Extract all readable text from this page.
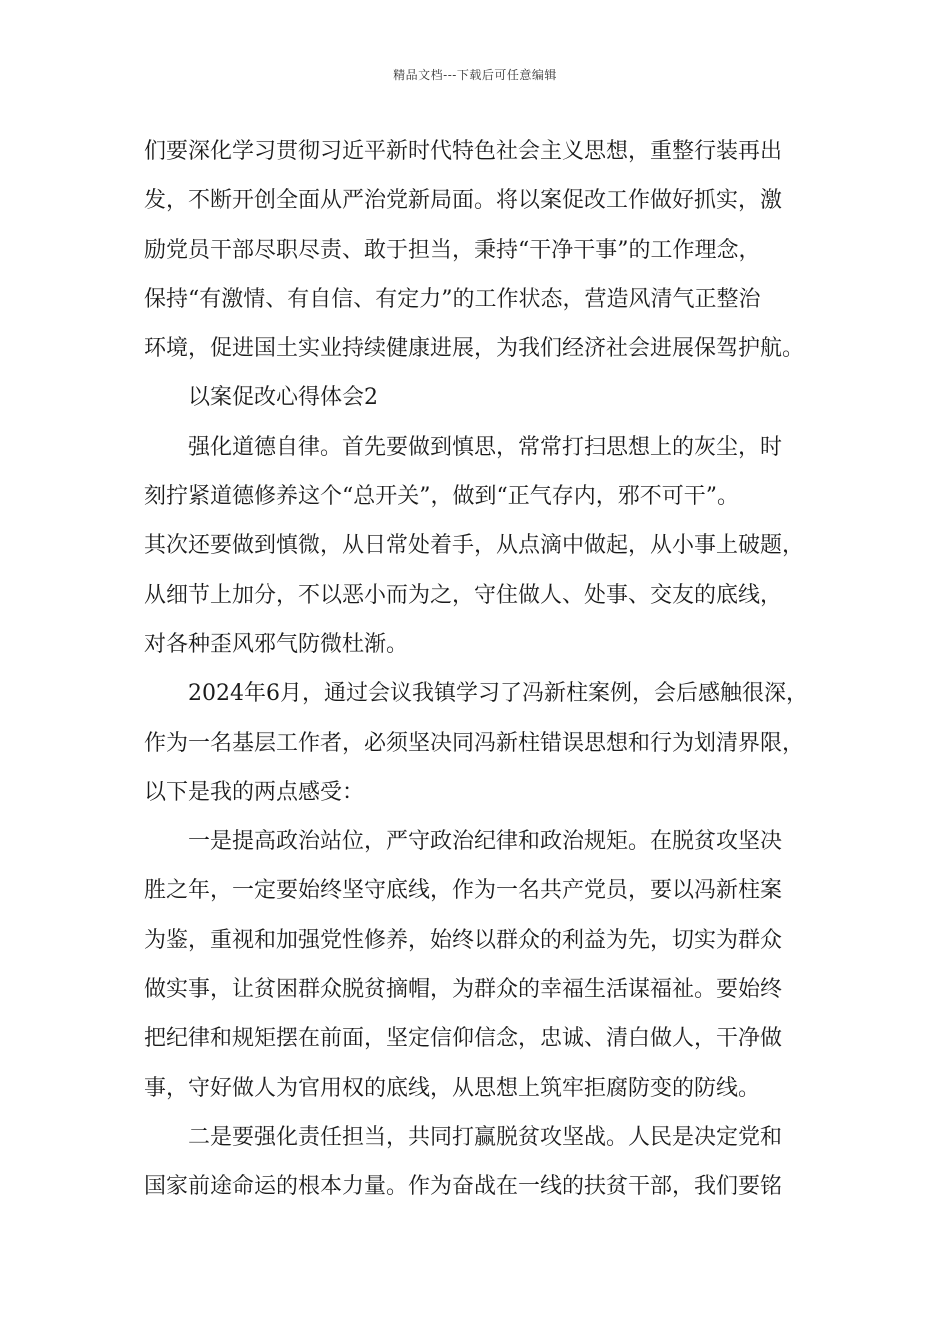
精品文档---下载后可任意编辑
们要深化学习贯彻习近平新时代特色社会主义思想，重整行装再出
发，不断开创全面从严治党新局面。将以案促改工作做好抓实，激
励党员干部尽职尽责、敢于担当，秉持“干净干事”的工作理念，
保持“有激情、有自信、有定力”的工作状态，营造风清气正整治
环境，促进国土实业持续健康进展，为我们经济社会进展保驾护航。
以案促改心得体会2
强化道德自律。首先要做到慎思，常常打扫思想上的灰尘，时
刻拧紧道德修养这个“总开关”，做到“正气存内，邪不可干”。
其次还要做到慎微，从日常处着手，从点滴中做起，从小事上破题，
从细节上加分，不以恶小而为之，守住做人、处事、交友的底线，
对各种歪风邪气防微杜渐。
2024年6月，通过会议我镇学习了冯新柱案例，会后感触很深，
作为一名基层工作者，必须坚决同冯新柱错误思想和行为划清界限，
以下是我的两点感受：
一是提高政治站位，严守政治纪律和政治规矩。在脱贫攻坚决
胜之年，一定要始终坚守底线，作为一名共产党员，要以冯新柱案
为鉴，重视和加强党性修养，始终以群众的利益为先，切实为群众
做实事，让贫困群众脱贫摘帽，为群众的幸福生活谋福祉。要始终
把纪律和规矩摆在前面，坚定信仰信念，忠诚、清白做人，干净做
事，守好做人为官用权的底线，从思想上筑牢拒腐防变的防线。
二是要强化责任担当，共同打赢脱贫攻坚战。人民是决定党和
国家前途命运的根本力量。作为奋战在一线的扶贫干部，我们要铭
